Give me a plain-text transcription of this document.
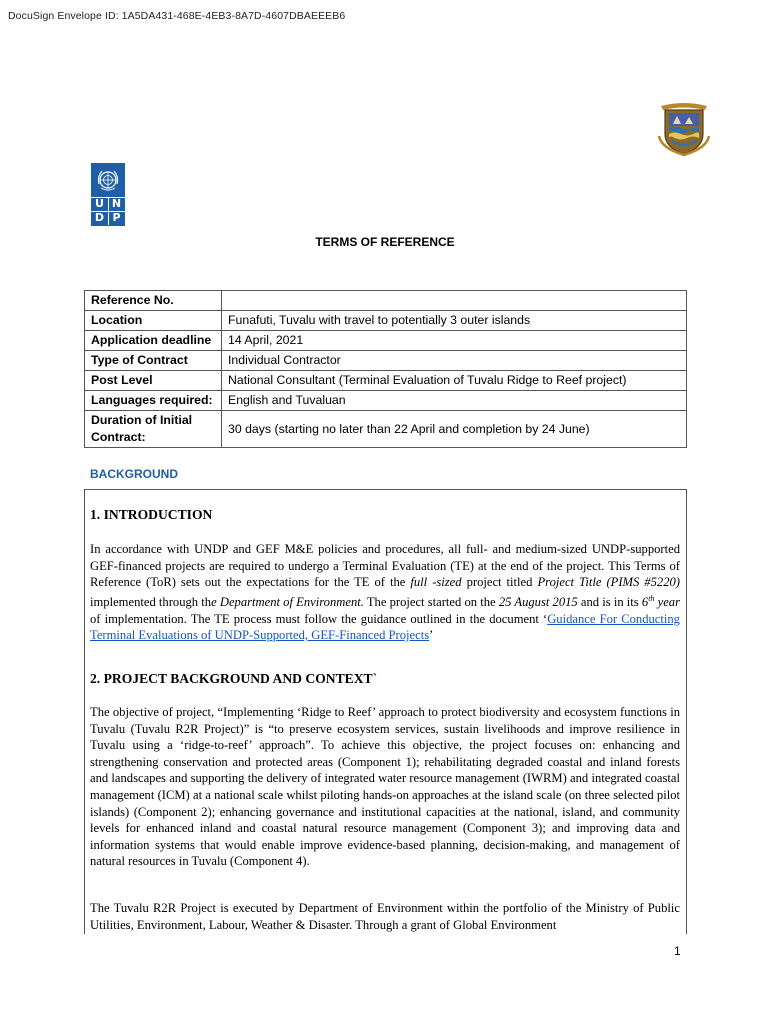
DocuSign Envelope ID: 1A5DA431-468E-4EB3-8A7D-4607DBAEEEB6
U N
D P
TERMS OF REFERENCE
Reference No.	
Location	Funafuti, Tuvalu with travel to potentially 3 outer islands
Application deadline	14 April, 2021
Type of Contract	Individual Contractor
Post Level	National Consultant (Terminal Evaluation of Tuvalu Ridge to Reef project)
Languages required:	English and Tuvaluan
Duration of Initial Contract:	30 days (starting no later than 22 April and completion by 24 June)
BACKGROUND
1. INTRODUCTION
In accordance with UNDP and GEF M&E policies and procedures, all full- and medium-sized UNDP-supported GEF-financed projects are required to undergo a Terminal Evaluation (TE) at the end of the project. This Terms of Reference (ToR) sets out the expectations for the TE of the full -sized project titled Project Title (PIMS #5220) implemented through the Department of Environment. The project started on the 25 August 2015 and is in its 6th year of implementation. The TE process must follow the guidance outlined in the document ‘Guidance For Conducting Terminal Evaluations of UNDP-Supported, GEF-Financed Projects’
2. PROJECT BACKGROUND AND CONTEXT`
The objective of project, “Implementing ‘Ridge to Reef’ approach to protect biodiversity and ecosystem functions in Tuvalu (Tuvalu R2R Project)” is “to preserve ecosystem services, sustain livelihoods and improve resilience in Tuvalu using a ‘ridge-to-reef’ approach”. To achieve this objective, the project focuses on: enhancing and strengthening conservation and protected areas (Component 1); rehabilitating degraded coastal and inland forests and landscapes and supporting the delivery of integrated water resource management (IWRM) and integrated coastal management (ICM) at a national scale whilst piloting hands-on approaches at the island scale (on three selected pilot islands) (Component 2); enhancing governance and institutional capacities at the national, island, and community levels for enhanced inland and coastal natural resource management (Component 3); and improving data and information systems that would enable improve evidence-based planning, decision-making, and management of natural resources in Tuvalu (Component 4).
The Tuvalu R2R Project is executed by Department of Environment within the portfolio of the Ministry of Public Utilities, Environment, Labour, Weather & Disaster. Through a grant of Global Environment
1
